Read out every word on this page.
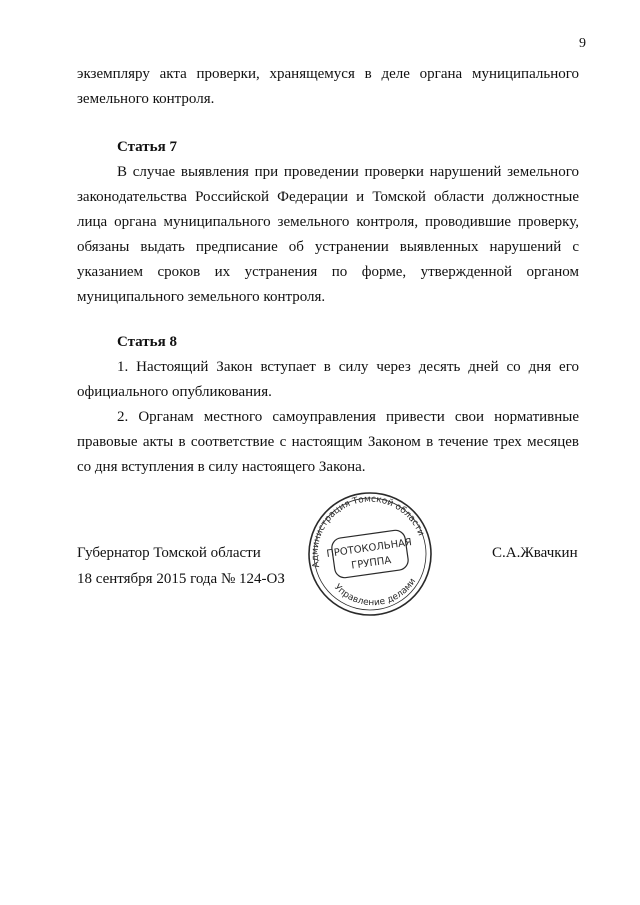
9

экземпляру акта проверки, хранящемуся в деле органа муниципального земельного контроля.

Статья 7

В случае выявления при проведении проверки нарушений земельного законодательства Российской Федерации и Томской области должностные лица органа муниципального земельного контроля, проводившие проверку, обязаны выдать предписание об устранении выявленных нарушений с указанием сроков их устранения по форме, утвержденной органом муниципального земельного контроля.

Статья 8

1. Настоящий Закон вступает в силу через десять дней со дня его официального опубликования.

2. Органам местного самоуправления привести свои нормативные правовые акты в соответствие с настоящим Законом в течение трех месяцев со дня вступления в силу настоящего Закона.

Губернатор Томской области
18 сентября 2015 года № 124-ОЗ
С.А.Жвачкин
Администрация Томской области
Управление делами
ПРОТОКОЛЬНАЯ
ГРУППА
